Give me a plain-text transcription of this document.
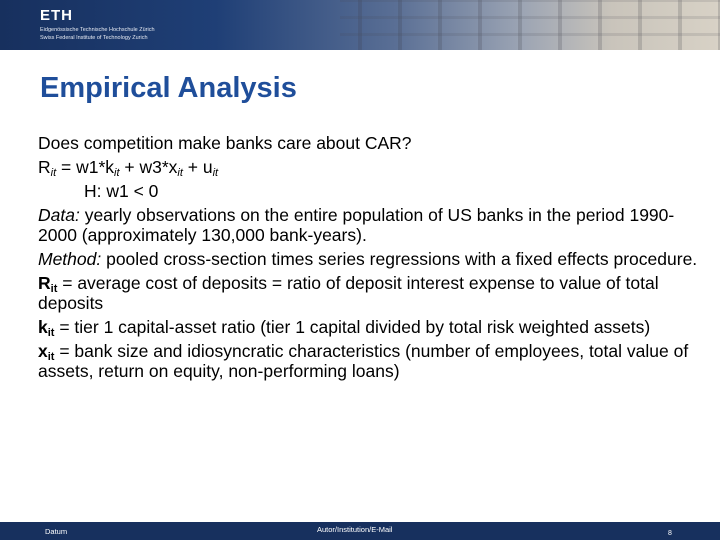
ETH
Eidgenössische Technische Hochschule Zürich
Swiss Federal Institute of Technology Zurich
Empirical Analysis

Does competition make banks care about CAR?

$R_{it} = w1*k_{it} + w3*x_{it} + u_{it}$

H: w1 < 0

Data: yearly observations on the entire population of US banks in the period 1990-2000 (approximately 130,000 bank-years).

Method: pooled cross-section times series regressions with a fixed effects procedure.

$R_{it}$ = average cost of deposits = ratio of deposit interest expense to value of total deposits

$k_{it}$ = tier 1 capital-asset ratio (tier 1 capital divided by total risk weighted assets)

$x_{it}$ = bank size and idiosyncratic characteristics (number of employees, total value of assets, return on equity, non-performing loans)

Datum	Autor/Institution/E-Mail	8
